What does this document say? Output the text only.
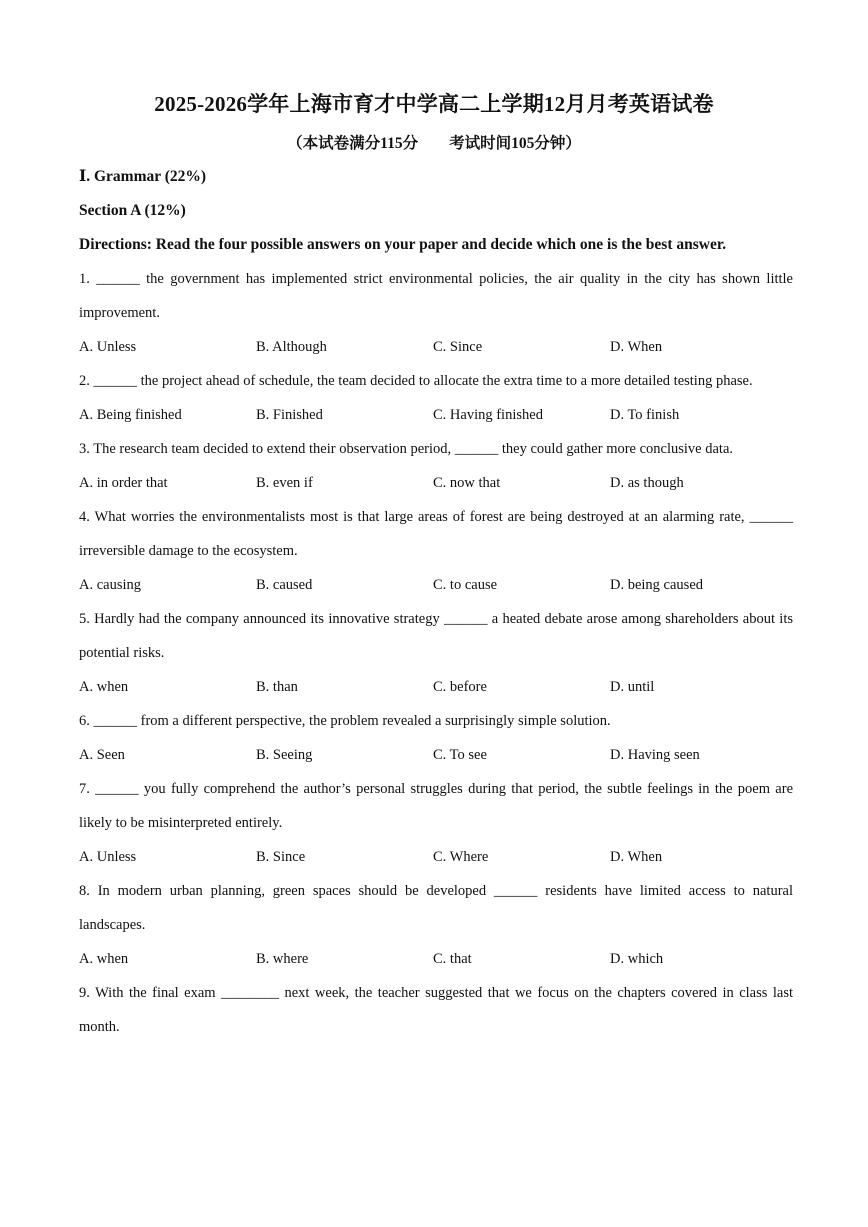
2025-2026学年上海市育才中学高二上学期12月月考英语试卷
（本试卷满分115分　　考试时间105分钟）
Ⅰ. Grammar (22%)
Section A (12%)
Directions: Read the four possible answers on your paper and decide which one is the best answer.
1. ______ the government has implemented strict environmental policies, the air quality in the city has shown little improvement.
A. Unless	B. Although	C. Since	D. When
2. ______ the project ahead of schedule, the team decided to allocate the extra time to a more detailed testing phase.
A. Being finished	B. Finished	C. Having finished	D. To finish
3. The research team decided to extend their observation period, ______ they could gather more conclusive data.
A. in order that	B. even if	C. now that	D. as though
4. What worries the environmentalists most is that large areas of forest are being destroyed at an alarming rate, ______ irreversible damage to the ecosystem.
A. causing	B. caused	C. to cause	D. being caused
5. Hardly had the company announced its innovative strategy ______ a heated debate arose among shareholders about its potential risks.
A. when	B. than	C. before	D. until
6. ______ from a different perspective, the problem revealed a surprisingly simple solution.
A. Seen	B. Seeing	C. To see	D. Having seen
7. ______ you fully comprehend the author’s personal struggles during that period, the subtle feelings in the poem are likely to be misinterpreted entirely.
A. Unless	B. Since	C. Where	D. When
8. In modern urban planning, green spaces should be developed ______ residents have limited access to natural landscapes.
A. when	B. where	C. that	D. which
9. With the final exam ________ next week, the teacher suggested that we focus on the chapters covered in class last month.
